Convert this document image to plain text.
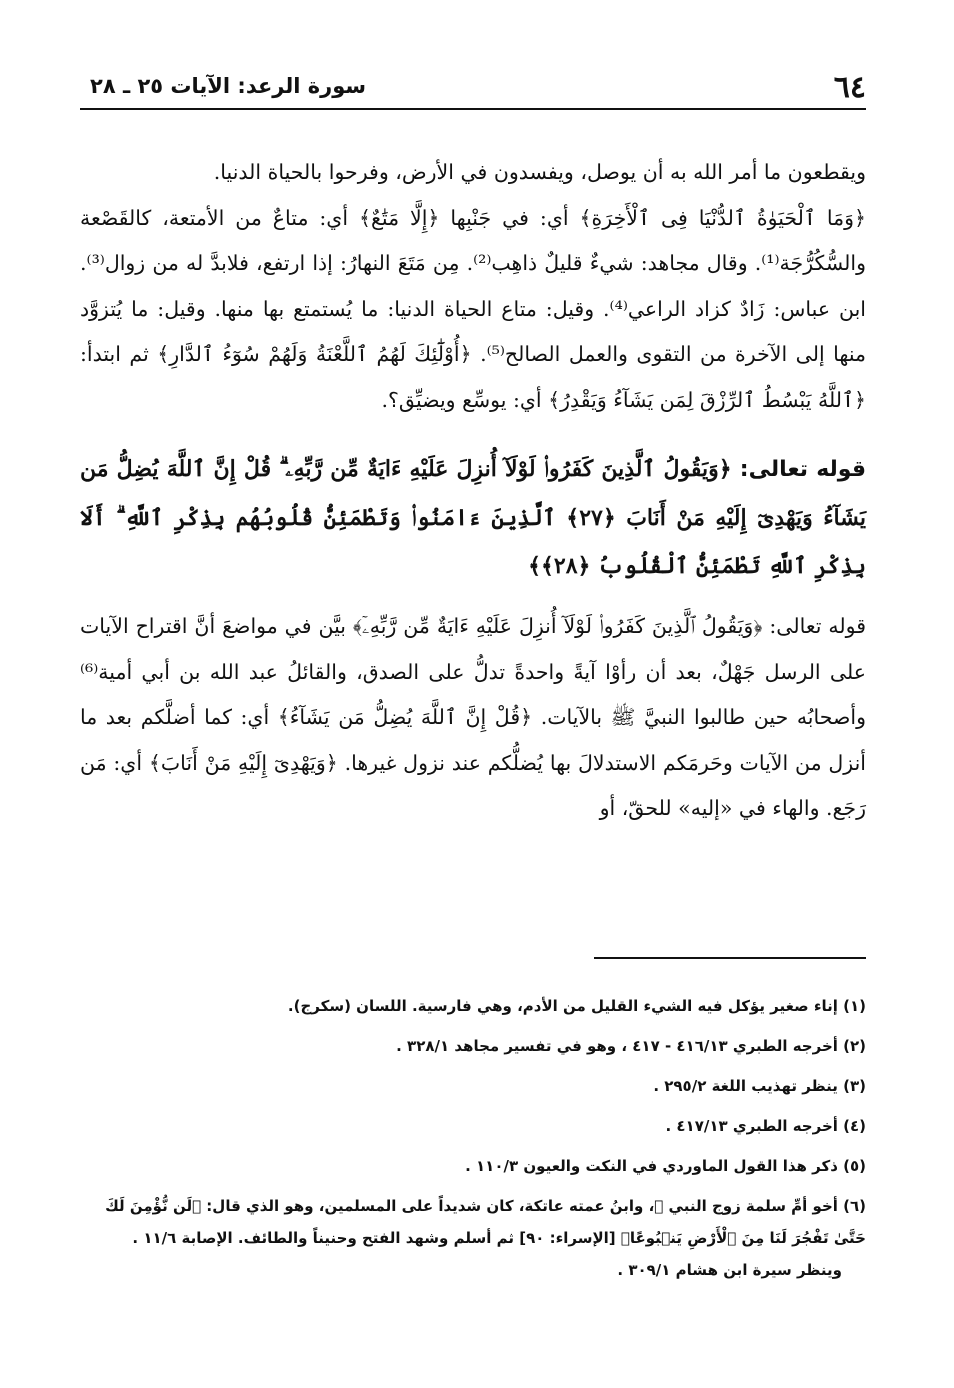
٦٤
سورة الرعد: الآيات ٢٥ ـ ٢٨

ويقطعون ما أمر الله به أن يوصل، ويفسدون في الأرض، وفرحوا بالحياة الدنيا.

﴿وَمَا ٱلْحَيَوٰةُ ٱلدُّنْيَا فِى ٱلْأَخِرَةِ﴾ أي: في جَنْبِها ﴿إِلَّا مَتَٰعٌ﴾ أي: متاعٌ من الأمتعة، كالقَصْعة والسُّكُرُّجَة⁽¹⁾. وقال مجاهد: شيءٌ قليلٌ ذاهِب⁽²⁾. مِن مَتَعَ النهارُ: إذا ارتفع، فلابدَّ له من زوال⁽³⁾. ابن عباس: زَادٌ كزاد الراعي⁽⁴⁾. وقيل: متاع الحياة الدنيا: ما يُستمتع بها منها. وقيل: ما يُتزوَّد منها إلى الآخرة من التقوى والعمل الصالح⁽⁵⁾. ﴿أُوْلَٰٓئِكَ لَهُمُ ٱللَّعْنَةُ وَلَهُمْ سُوٓءُ ٱلدَّارِ﴾ ثم ابتدأ: ﴿ٱللَّهُ يَبْسُطُ ٱلرِّزْقَ لِمَن يَشَآءُ وَيَقْدِرُ﴾ أي: يوسِّع ويضيِّق؟.

قوله تعالى: ﴿وَيَقُولُ ٱلَّذِينَ كَفَرُوا۟ لَوْلَآ أُنزِلَ عَلَيْهِ ءَايَةٌ مِّن رَّبِّهِۦ ۗ قُلْ إِنَّ ٱللَّهَ يُضِلُّ مَن يَشَآءُ وَيَهْدِىٓ إِلَيْهِ مَنْ أَنَابَ ﴿٢٧﴾ ٱلَّذِينَ ءَامَنُوا۟ وَتَطْمَئِنُّ قُلُوبُهُم بِذِكْرِ ٱللَّهِ ۗ أَلَا بِذِكْرِ ٱللَّهِ تَطْمَئِنُّ ٱلْقُلُوبُ ﴿٢٨﴾﴾

قوله تعالى: ﴿وَيَقُولُ ٱلَّذِينَ كَفَرُوا۟ لَوْلَآ أُنزِلَ عَلَيْهِ ءَايَةٌ مِّن رَّبِّهِۦٓ﴾ بيَّن في مواضعَ أنَّ اقتراح الآيات على الرسل جَهْلٌ، بعد أن رأوْا آيةً واحدةً تدلُّ على الصدق، والقائلُ عبد الله بن أبي أمية⁽⁶⁾ وأصحابُه حين طالبوا النبيَّ ﷺ بالآيات. ﴿قُلْ إِنَّ ٱللَّهَ يُضِلُّ مَن يَشَآءُ﴾ أي: كما أضلَّكم بعد ما أنزل من الآيات وحَرمَكم الاستدلالَ بها يُضلُّكم عند نزول غيرها. ﴿وَيَهْدِىٓ إِلَيْهِ مَنْ أَنَابَ﴾ أي: مَن رَجَع. والهاء في «إليه» للحقّ، أو

(١) إناء صغير يؤكل فيه الشيء القليل من الأدم، وهي فارسية. اللسان (سكرج).

(٢) أخرجه الطبري ٤١٦/١٣ - ٤١٧ ، وهو في تفسير مجاهد ٣٢٨/١ .

(٣) ينظر تهذيب اللغة ٢٩٥/٢ .

(٤) أخرجه الطبري ٤١٧/١٣ .

(٥) ذكر هذا القول الماوردي في النكت والعيون ١١٠/٣ .

(٦) أخو أمِّ سلمة زوج النبي ﷺ، وابنُ عمته عاتكة، كان شديداً على المسلمين، وهو الذي قال: ﴿لَن نُّؤْمِنَ لَكَ حَتَّىٰ تَفْجُرَ لَنَا مِنَ ٱلْأَرْضِ يَنۢبُوعًا﴾ [الإسراء: ٩٠] ثم أسلم وشهد الفتح وحنيناً والطائف. الإصابة ١١/٦ .

وينظر سيرة ابن هشام ٣٠٩/١ .
